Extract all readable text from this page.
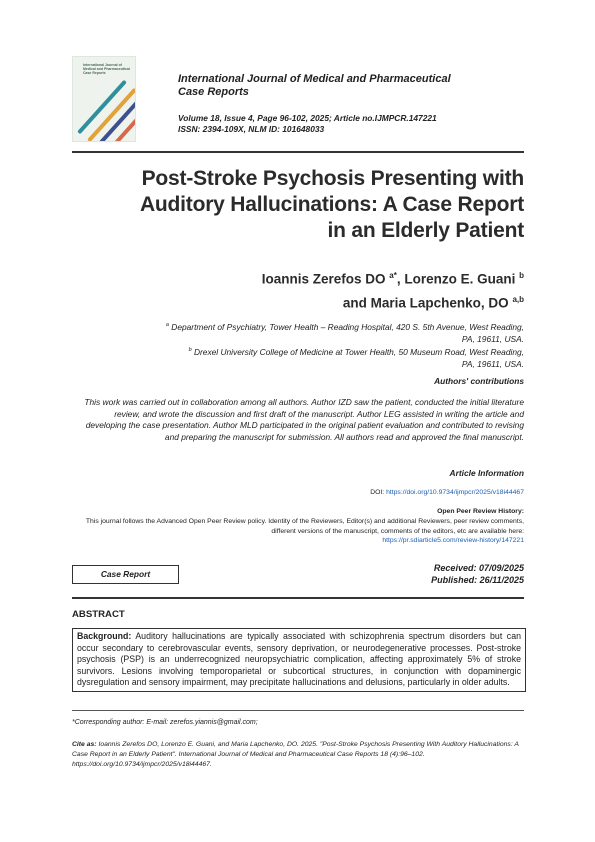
International Journal of Medical and Pharmaceutical Case Reports	International Journal of Medical and Pharmaceutical
Case Reports
Volume 18, Issue 4, Page 96-102, 2025; Article no.IJMPCR.147221
ISSN: 2394-109X, NLM ID: 101648033
Post-Stroke Psychosis Presenting with
Auditory Hallucinations: A Case Report
in an Elderly Patient
Ioannis Zerefos DO $^{a*}$, Lorenzo E. Guani $^b$
and Maria Lapchenko, DO $^{a,b}$
$^a$ Department of Psychiatry, Tower Health – Reading Hospital, 420 S. 5th Avenue, West Reading,
PA, 19611, USA.
$^b$ Drexel University College of Medicine at Tower Health, 50 Museum Road, West Reading,
PA, 19611, USA.
Authors' contributions
This work was carried out in collaboration among all authors. Author IZD saw the patient, conducted the initial literature review, and wrote the discussion and first draft of the manuscript. Author LEG assisted in writing the article and developing the case presentation. Author MLD participated in the original patient evaluation and contributed to revising and preparing the manuscript for submission. All authors read and approved the final manuscript.
Article Information
DOI: https://doi.org/10.9734/ijmpcr/2025/v18i44467
Open Peer Review History:
This journal follows the Advanced Open Peer Review policy. Identity of the Reviewers, Editor(s) and additional Reviewers, peer review comments, different versions of the manuscript, comments of the editors, etc are available here:
https://pr.sdiarticle5.com/review-history/147221
Case Report
Received: 07/09/2025
Published: 26/11/2025
ABSTRACT
Background: Auditory hallucinations are typically associated with schizophrenia spectrum disorders but can occur secondary to cerebrovascular events, sensory deprivation, or neurodegenerative processes. Post-stroke psychosis (PSP) is an underrecognized neuropsychiatric complication, affecting approximately 5% of stroke survivors. Lesions involving temporoparietal or subcortical structures, in conjunction with dopaminergic dysregulation and sensory impairment, may precipitate hallucinations and delusions, particularly in older adults.
*Corresponding author: E-mail: zerefos.yiannis@gmail.com;
Cite as: Ioannis Zerefos DO, Lorenzo E. Guani, and Maria Lapchenko, DO. 2025. "Post-Stroke Psychosis Presenting With Auditory Hallucinations: A Case Report in an Elderly Patient". International Journal of Medical and Pharmaceutical Case Reports 18 (4):96–102. https://doi.org/10.9734/ijmpcr/2025/v18i44467.
